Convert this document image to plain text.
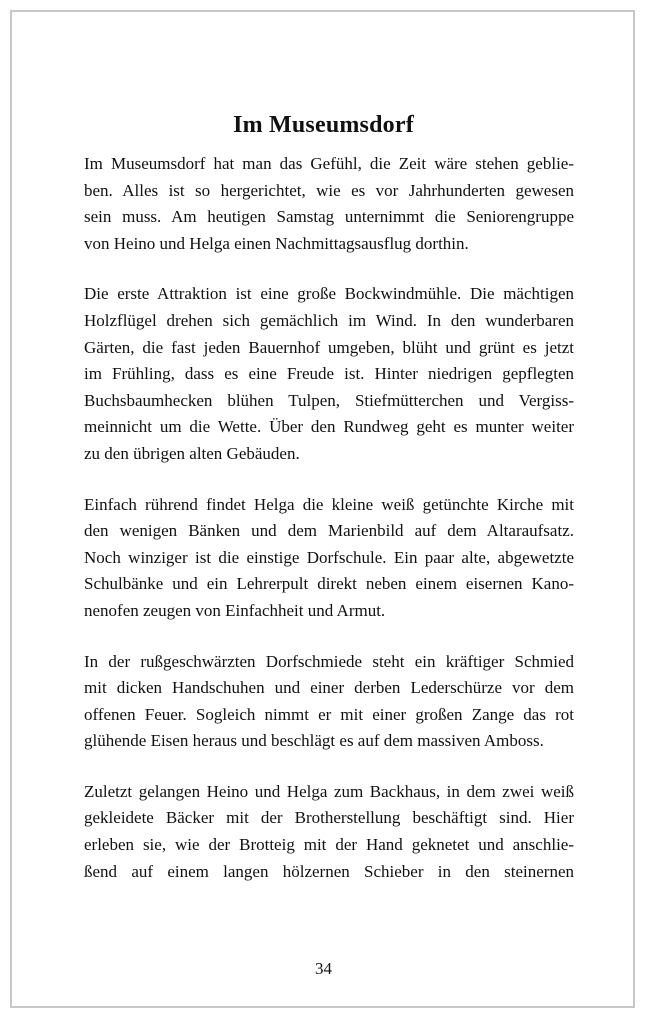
Im Museumsdorf

Im Museumsdorf hat man das Gefühl, die Zeit wäre stehen geblie-
ben. Alles ist so hergerichtet, wie es vor Jahrhunderten gewesen
sein muss. Am heutigen Samstag unternimmt die Seniorengruppe
von Heino und Helga einen Nachmittagsausflug dorthin.

Die erste Attraktion ist eine große Bockwindmühle. Die mächtigen
Holzflügel drehen sich gemächlich im Wind. In den wunderbaren
Gärten, die fast jeden Bauernhof umgeben, blüht und grünt es jetzt
im Frühling, dass es eine Freude ist. Hinter niedrigen gepflegten
Buchsbaumhecken blühen Tulpen, Stiefmütterchen und Vergiss-
meinnicht um die Wette. Über den Rundweg geht es munter weiter
zu den übrigen alten Gebäuden.

Einfach rührend findet Helga die kleine weiß getünchte Kirche mit
den wenigen Bänken und dem Marienbild auf dem Altaraufsatz.
Noch winziger ist die einstige Dorfschule. Ein paar alte, abgewetzte
Schulbänke und ein Lehrerpult direkt neben einem eisernen Kano-
nenofen zeugen von Einfachheit und Armut.

In der rußgeschwärzten Dorfschmiede steht ein kräftiger Schmied
mit dicken Handschuhen und einer derben Lederschürze vor dem
offenen Feuer. Sogleich nimmt er mit einer großen Zange das rot
glühende Eisen heraus und beschlägt es auf dem massiven Amboss.

Zuletzt gelangen Heino und Helga zum Backhaus, in dem zwei weiß
gekleidete Bäcker mit der Brotherstellung beschäftigt sind. Hier
erleben sie, wie der Brotteig mit der Hand geknetet und anschlie-
ßend auf einem langen hölzernen Schieber in den steinernen

34
